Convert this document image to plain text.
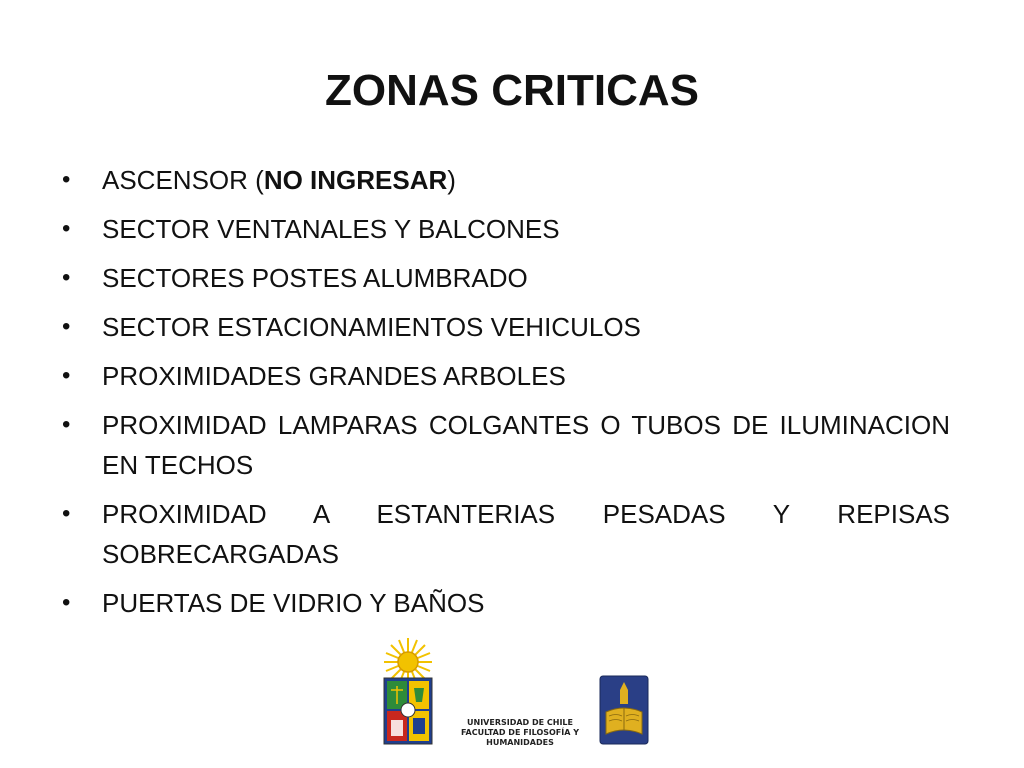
ZONAS CRITICAS
• ASCENSOR (NO INGRESAR)
• SECTOR VENTANALES Y BALCONES
• SECTORES POSTES ALUMBRADO
• SECTOR ESTACIONAMIENTOS VEHICULOS
• PROXIMIDADES GRANDES ARBOLES
• PROXIMIDAD LAMPARAS COLGANTES O TUBOS DE ILUMINACION EN TECHOS
• PROXIMIDAD A ESTANTERIAS PESADAS Y REPISAS SOBRECARGADAS
• PUERTAS DE VIDRIO Y BAÑOS
UNIVERSIDAD DE CHILE
FACULTAD DE FILOSOFÍA Y HUMANIDADES
